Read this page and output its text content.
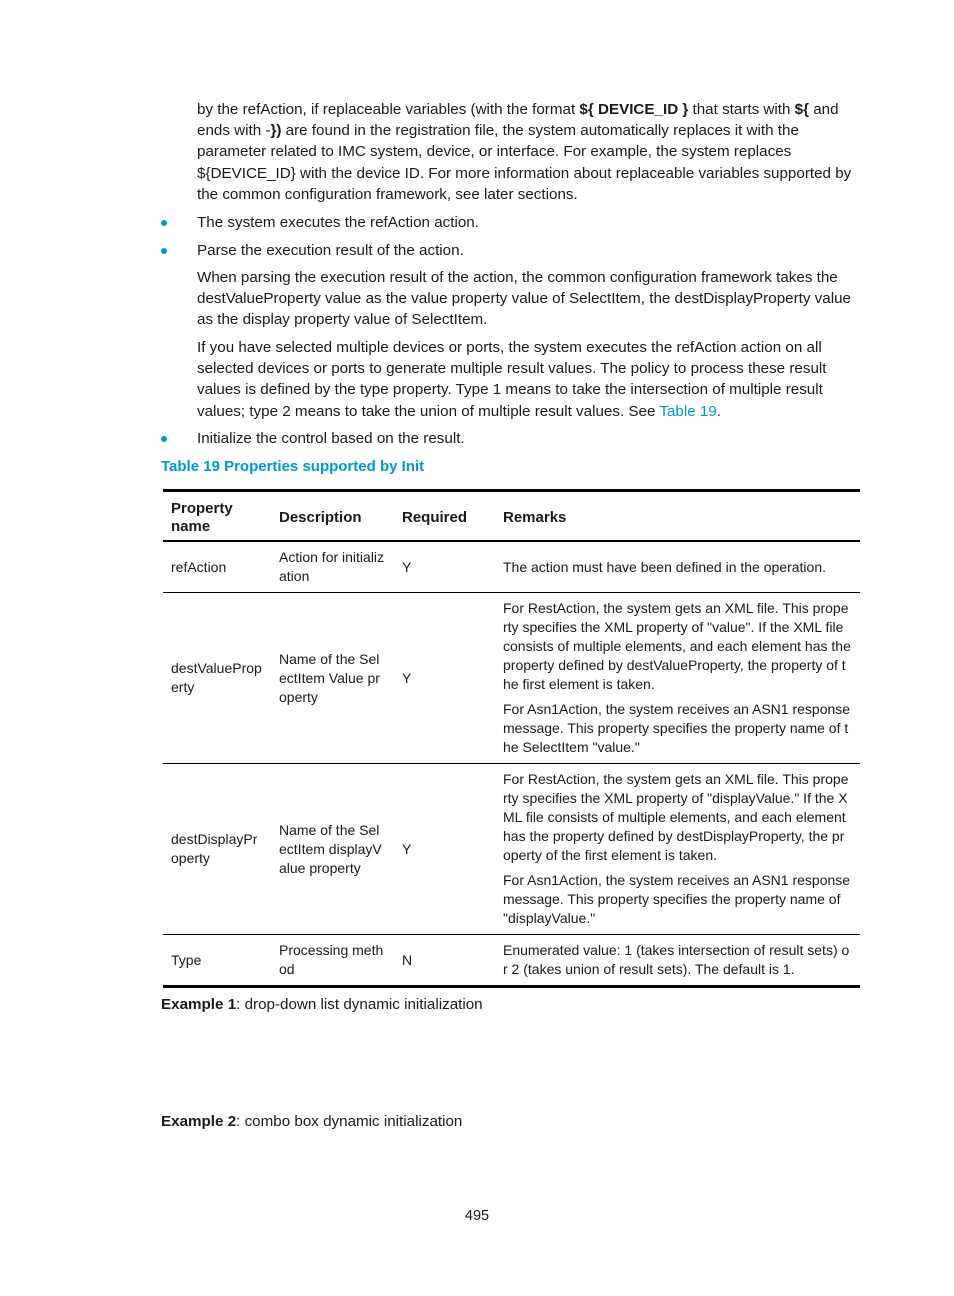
by the refAction, if replaceable variables (with the format ${ DEVICE_ID } that starts with ${ and ends with -}) are found in the registration file, the system automatically replaces it with the parameter related to IMC system, device, or interface. For example, the system replaces ${DEVICE_ID} with the device ID. For more information about replaceable variables supported by the common configuration framework, see later sections.

The system executes the refAction action.
Parse the execution result of the action.

When parsing the execution result of the action, the common configuration framework takes the destValueProperty value as the value property value of SelectItem, the destDisplayProperty value as the display property value of SelectItem.

If you have selected multiple devices or ports, the system executes the refAction action on all selected devices or ports to generate multiple result values. The policy to process these result values is defined by the type property. Type 1 means to take the intersection of multiple result values; type 2 means to take the union of multiple result values. See Table 19.

Initialize the control based on the result.
Table 19 Properties supported by Init
Property name	Description	Required	Remarks
refAction	Action for initialization	Y	The action must have been defined in the operation.

destValueProperty	Name of the SelectItem Value property	Y	For RestAction, the system gets an XML file. This property specifies the XML property of "value". If the XML file consists of multiple elements, and each element has the property defined by destValueProperty, the property of the first element is taken.

For Asn1Action, the system receives an ASN1 response message. This property specifies the property name of the SelectItem "value."

destDisplayProperty	Name of the SelectItem displayValue property	Y	For RestAction, the system gets an XML file. This property specifies the XML property of "displayValue." If the XML file consists of multiple elements, and each element has the property defined by destDisplayProperty, the property of the first element is taken.

For Asn1Action, the system receives an ASN1 response message. This property specifies the property name of "displayValue."

Type	Processing method	N	Enumerated value: 1 (takes intersection of result sets) or 2 (takes union of result sets). The default is 1.

Example 1: drop-down list dynamic initialization
Example 2: combo box dynamic initialization
495
